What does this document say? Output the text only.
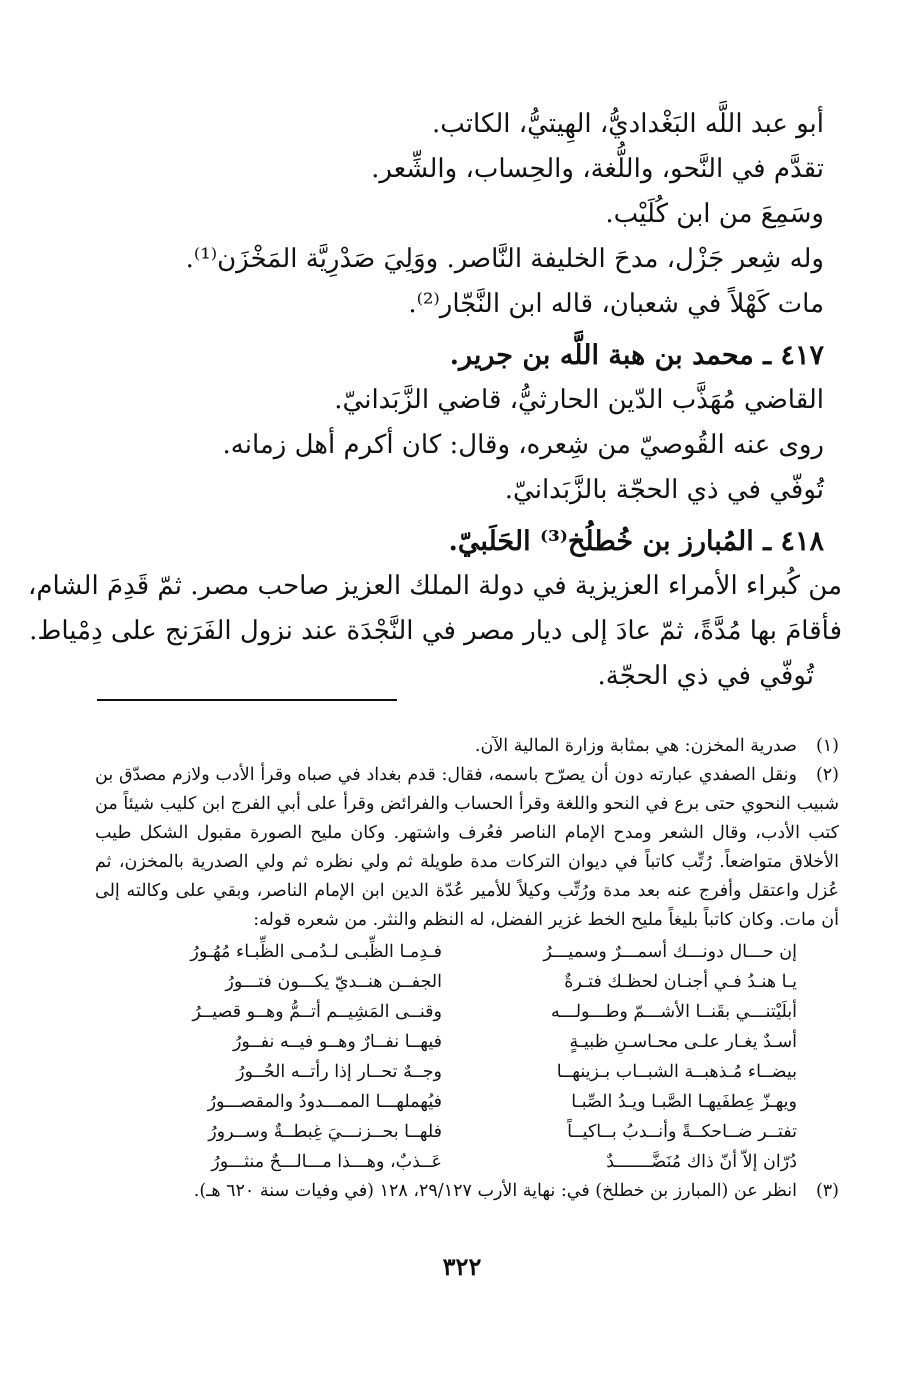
أبو عبد اللَّه البَغْداديُّ، الهِيتيُّ، الكاتب.
تقدَّم في النَّحو، واللُّغة، والحِساب، والشِّعر.
وسَمِعَ من ابن كُلَيْب.
وله شِعر جَزْل، مدحَ الخليفة النَّاصر. ووَلِيَ صَدْرِيَّة المَخْزَن⁽¹⁾.
مات كَهْلاً في شعبان، قاله ابن النَّجّار⁽²⁾.
٤١٧ ـ محمد بن هبة اللَّه بن جرير.
القاضي مُهَذَّب الدّين الحارثيُّ، قاضي الزَّبَدانيّ.
روى عنه القُوصيّ من شِعره، وقال: كان أكرم أهل زمانه.
تُوفّي في ذي الحجّة بالزَّبَدانيّ.
٤١٨ ـ المُبارز بن خُطلُخ⁽³⁾ الحَلَبيّ.
من كُبراء الأمراء العزيزية في دولة الملك العزيز صاحب مصر. ثمّ قَدِمَ الشام،
فأقامَ بها مُدَّةً، ثمّ عادَ إلى ديار مصر في النَّجْدَة عند نزول الفَرَنج على دِمْياط.
تُوفّي في ذي الحجّة.
(١)
صدرية المخزن: هي بمثابة وزارة المالية الآن.
(٢)
ونقل الصفدي عبارته دون أن يصرّح باسمه، فقال: قدم بغداد في صباه وقرأ الأدب ولازم مصدّق بن
شبيب النحوي حتى برع في النحو واللغة وقرأ الحساب والفرائض وقرأ على أبي الفرج ابن كليب شيئاً من
كتب الأدب، وقال الشعر ومدح الإمام الناصر فعُرف واشتهر. وكان مليح الصورة مقبول الشكل طيب
الأخلاق متواضعاً. رُتِّب كاتباً في ديوان التركات مدة طويلة ثم ولي نظره ثم ولي الصدرية بالمخزن، ثم
عُزل واعتقل وأفرج عنه بعد مدة ورُتِّب وكيلاً للأمير عُدّة الدين ابن الإمام الناصر، وبقي على وكالته إلى
أن مات. وكان كاتباً بليغاً مليح الخط غزير الفضل، له النظم والنثر. من شعره قوله:
إن حـــال دونـــك أسمـــرٌ وسميـــرُ
فـدِمـا الظِّبـى لـدُمـى الظِّبـاء مُهُـورُ
يـا هنـدُ فـي أجنـان لحظـك فتـرةٌ
الجفــن هنــديّ يكـــون فتـــورُ
أبلَيْتنـــي بقَنــا الأشـــمّ وطـــولـــه
وقنــى المَشِيــم أتــمُّ وهــو قصيــرُ
أسـدٌ يغـار علـى محـاسـنِ ظبيـةٍ
فيهــا نفــارٌ وهــو فيــه نفــورُ
بيضــاء مُـذهبــة الشبــاب بـزينهــا
وجــهٌ تحــار إذا رأتــه الحُــورُ
ويهـزّ عِطفَيهـا الصَّبـا ويـدُ الصِّبـا
فيُهملهـــا الممـــدودُ والمقصـــورُ
تفتــر ضــاحكــةً وأنــدبُ بــاكيــاً
فلهــا بحــزنـــيَ غِبطــةٌ وســرورُ
دُرّان إلاّ أنّ ذاك مُنَضَّـــــــدٌ
عَــذبٌ، وهـــذا مـــالـــحٌ منثـــورُ
(٣)
انظر عن (المبارز بن خطلخ) في: نهاية الأرب ٢٩/١٢٧، ١٢٨ (في وفيات سنة ٦٢٠ هـ).
٣٢٢
